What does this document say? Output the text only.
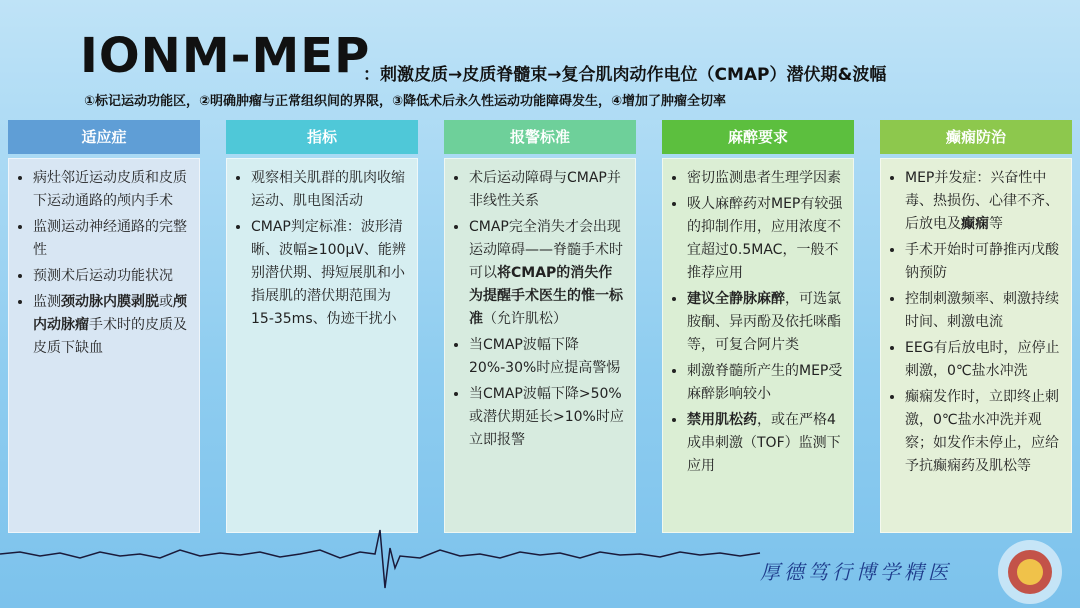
IONM-MEP
：刺激皮质→皮质脊髓束→复合肌肉动作电位（CMAP）潜伏期&波幅
①标记运动功能区，②明确肿瘤与正常组织间的界限，③降低术后永久性运动功能障碍发生，④增加了肿瘤全切率
适应症
• 病灶邻近运动皮质和皮质下运动通路的颅内手术
• 监测运动神经通路的完整性
• 预测术后运动功能状况
• 监测颈动脉内膜剥脱或颅内动脉瘤手术时的皮质及皮质下缺血
指标
• 观察相关肌群的肌肉收缩运动、肌电图活动
• CMAP判定标准：波形清晰、波幅≥100μV、能辨别潜伏期、拇短展肌和小指展肌的潜伏期范围为15-35ms、伪迹干扰小
报警标准
• 术后运动障碍与CMAP并非线性关系
• CMAP完全消失才会出现运动障碍——脊髓手术时可以将CMAP的消失作为提醒手术医生的惟一标准（允许肌松）
• 当CMAP波幅下降20%-30%时应提高警惕
• 当CMAP波幅下降>50%或潜伏期延长>10%时应立即报警
麻醉要求
• 密切监测患者生理学因素
• 吸人麻醉药对MEP有较强的抑制作用，应用浓度不宜超过0.5MAC，一般不推荐应用
• 建议全静脉麻醉，可选氯胺酮、异丙酚及依托咪酯等，可复合阿片类
• 刺激脊髓所产生的MEP受麻醉影响较小
• 禁用肌松药，或在严格4成串刺激（TOF）监测下应用
癫痫防治
• MEP并发症：兴奋性中毒、热损伤、心律不齐、后放电及癫痫等
• 手术开始时可静推丙戊酸钠预防
• 控制刺激频率、刺激持续时间、刺激电流
• EEG有后放电时，应停止刺激，0℃盐水冲洗
• 癫痫发作时，立即终止刺激，0℃盐水冲洗并观察；如发作未停止，应给予抗癫痫药及肌松等
厚德笃行博学精医
